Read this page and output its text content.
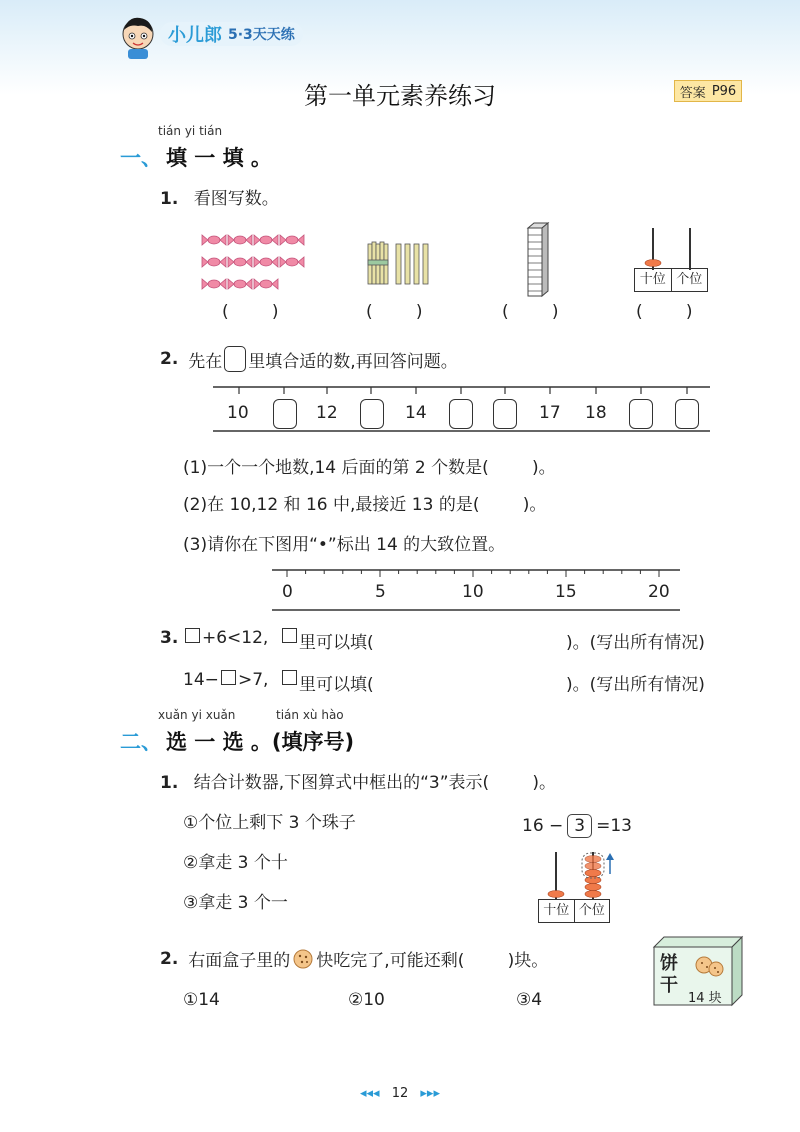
小儿郎 5·3天天练
第一单元素养练习	答案 P96
tián yi tián
一、 填 一 填 。
1. 看图写数。
十位 个位
(        )	(        )	(        )	(        )
2. 先在 里填合适的数,再回答问题。
10	12	14	17 18
(1)一个一个地数,14 后面的第 2 个数是(        )。
(2)在 10,12 和 16 中,最接近 13 的是(        )。
(3)请你在下图用“•”标出 14 的大致位置。
0	5	10	15	20
3. +6<12, 里可以填(	)。(写出所有情况)
14− >7, 里可以填(	)。(写出所有情况)
xuǎn yi xuǎn	tián xù hào
二、 选 一 选 。(填序号)
1. 结合计数器,下图算式中框出的“3”表示(        )。
①个位上剩下 3 个珠子
②拿走 3 个十
③拿走 3 个一
16 − 3 =13
十位 个位
2. 右面盒子里的 快吃完了,可能还剩(        )块。
①14	②10	③4
饼
干
14 块
◂◂◂ 12 ▸▸▸
